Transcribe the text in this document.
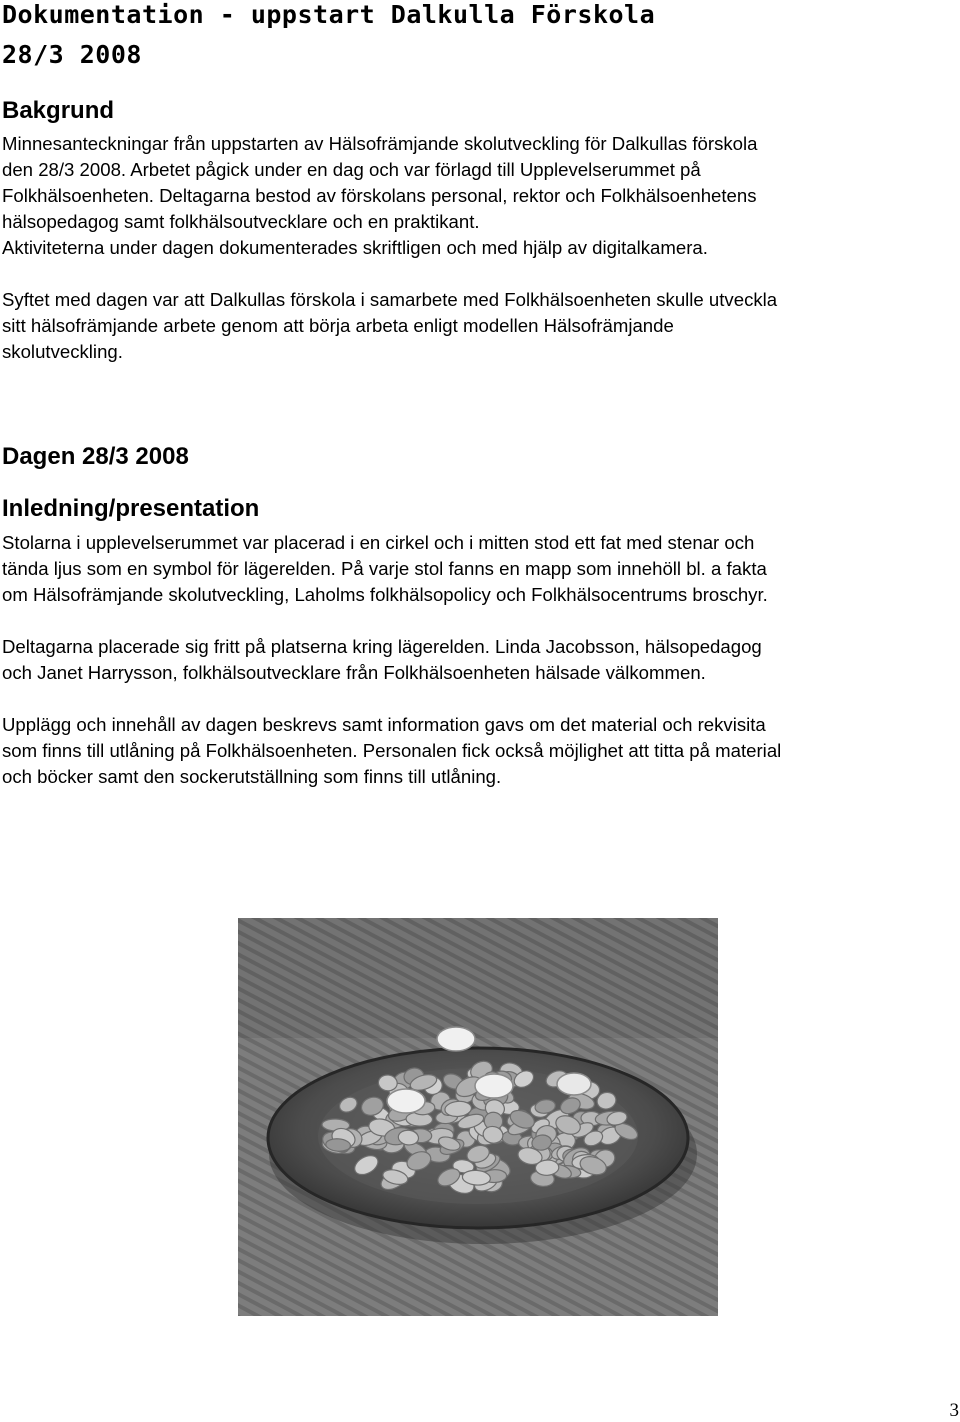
Dokumentation - uppstart Dalkulla Förskola
28/3 2008
Bakgrund

Minnesanteckningar från uppstarten av Hälsofrämjande skolutveckling för Dalkullas förskola
den 28/3 2008. Arbetet pågick under en dag och var förlagd till Upplevelserummet på
Folkhälsoenheten. Deltagarna bestod av förskolans personal, rektor och Folkhälsoenhetens
hälsopedagog samt folkhälsoutvecklare och en praktikant.
Aktiviteterna under dagen dokumenterades skriftligen och med hjälp av digitalkamera.

Syftet med dagen var att Dalkullas förskola i samarbete med Folkhälsoenheten skulle utveckla
sitt hälsofrämjande arbete genom att börja arbeta enligt modellen Hälsofrämjande
skolutveckling.

Dagen 28/3 2008
Inledning/presentation

Stolarna i upplevelserummet var placerad i en cirkel och i mitten stod ett fat med stenar och
tända ljus som en symbol för lägerelden. På varje stol fanns en mapp som innehöll bl. a fakta
om Hälsofrämjande skolutveckling, Laholms folkhälsopolicy och Folkhälsocentrums broschyr.

Deltagarna placerade sig fritt på platserna kring lägerelden. Linda Jacobsson, hälsopedagog
och Janet Harrysson, folkhälsoutvecklare från Folkhälsoenheten hälsade välkommen.

Upplägg och innehåll av dagen beskrevs samt information gavs om det material och rekvisita
som finns till utlåning på Folkhälsoenheten. Personalen fick också möjlighet att titta på material
och böcker samt den sockerutställning som finns till utlåning.

3
